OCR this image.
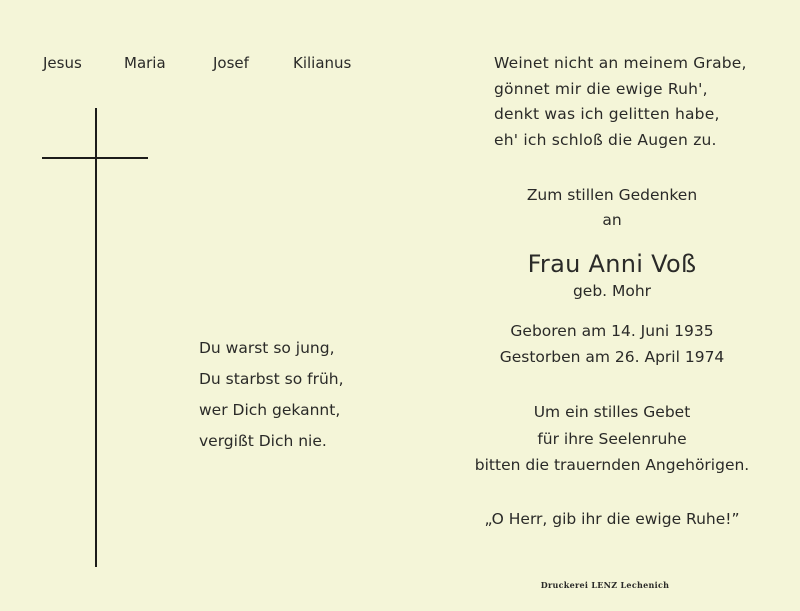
Jesus	Maria	Josef	Kilianus
Du warst so jung,
Du starbst so früh,
wer Dich gekannt,
vergißt Dich nie.
Weinet nicht an meinem Grabe,
gönnet mir die ewige Ruh',
denkt was ich gelitten habe,
eh' ich schloß die Augen zu.
Zum stillen Gedenken
an
Frau Anni Voß
geb. Mohr
Geboren am 14. Juni 1935
Gestorben am 26. April 1974
Um ein stilles Gebet
für ihre Seelenruhe
bitten die trauernden Angehörigen.
„O Herr, gib ihr die ewige Ruhe!”
Druckerei LENZ Lechenich
